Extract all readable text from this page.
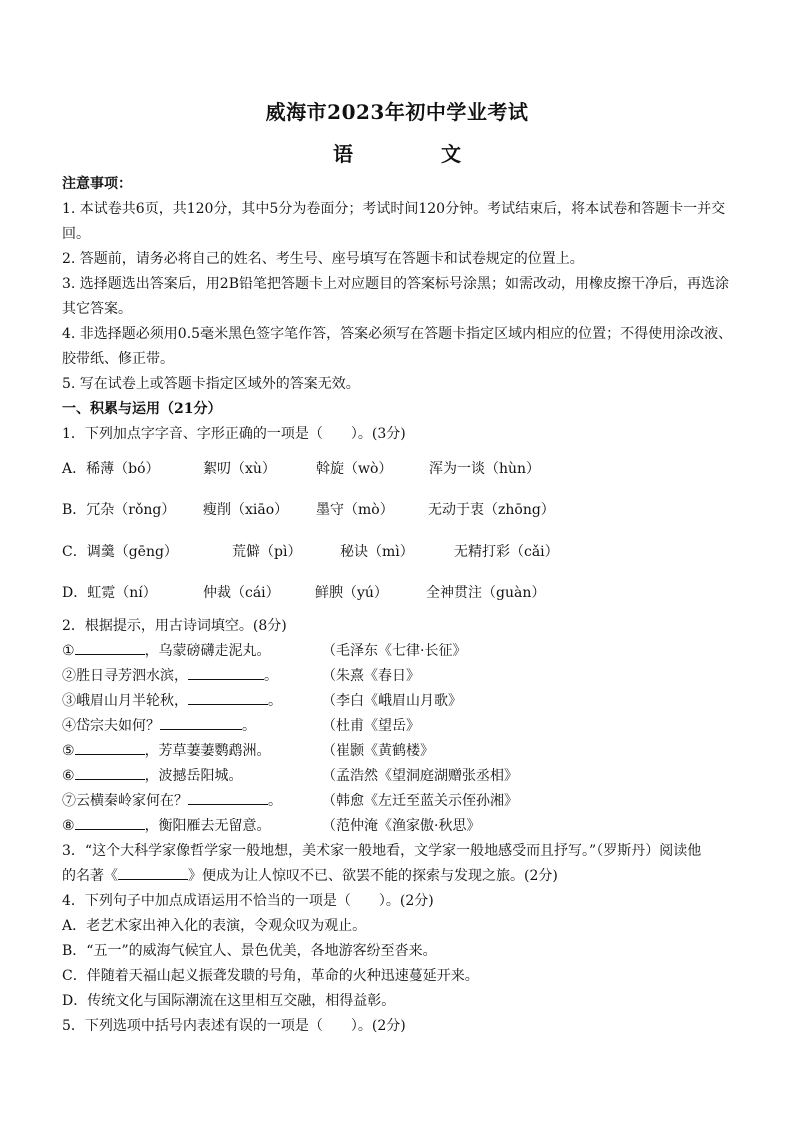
威海市2023年初中学业考试
语　文
注意事项：
1. 本试卷共6页，共120分，其中5分为卷面分；考试时间120分钟。考试结束后，将本试卷和答题卡一并交回。
2. 答题前，请务必将自己的姓名、考生号、座号填写在答题卡和试卷规定的位置上。
3. 选择题选出答案后，用2B铅笔把答题卡上对应题目的答案标号涂黑；如需改动，用橡皮擦干净后，再选涂其它答案。
4. 非选择题必须用0.5毫米黑色签字笔作答，答案必须写在答题卡指定区域内相应的位置；不得使用涂改液、胶带纸、修正带。
5. 写在试卷上或答题卡指定区域外的答案无效。
一、积累与运用（21分）
1．下列加点字字音、字形正确的一项是（　　）。(3分)
A．稀薄（bó）	絮叨（xù）	斡旋（wò）	浑为一谈（hùn）
B．冗杂（rǒng）	瘦削（xiāo）	墨守（mò）	无动于衷（zhōng）
C．调羹（gēng）	荒僻（pì）	秘诀（mì）	无精打彩（cǎi）
D．虹霓（ní）	仲裁（cái）	鲜腴（yú）	全神贯注（guàn）
2．根据提示，用古诗词填空。(8分)
①	，乌蒙磅礴走泥丸。	（毛泽东《七律·长征》
②胜日寻芳泗水滨，	。	（朱熹《春日》
③峨眉山月半轮秋，	。	（李白《峨眉山月歌》
④岱宗夫如何？	。	（杜甫《望岳》
⑤	，芳草萋萋鹦鹉洲。	（崔颢《黄鹤楼》
⑥	，波撼岳阳城。	（孟浩然《望洞庭湖赠张丞相》
⑦云横秦岭家何在？	。	（韩愈《左迁至蓝关示侄孙湘》
⑧	，衡阳雁去无留意。	（范仲淹《渔家傲·秋思》
3．“这个大科学家像哲学家一般地想，美术家一般地看，文学家一般地感受而且抒写。”（罗斯丹）阅读他
的名著《	》便成为让人惊叹不已、欲罢不能的探索与发现之旅。(2分)
4．下列句子中加点成语运用不恰当的一项是（　　）。(2分)
A．老艺术家出神入化的表演，令观众叹为观止。
B．“五一”的威海气候宜人、景色优美，各地游客纷至沓来。
C．伴随着天福山起义振聋发聩的号角，革命的火种迅速蔓延开来。
D．传统文化与国际潮流在这里相互交融，相得益彰。
5．下列选项中括号内表述有误的一项是（　　）。(2分)
